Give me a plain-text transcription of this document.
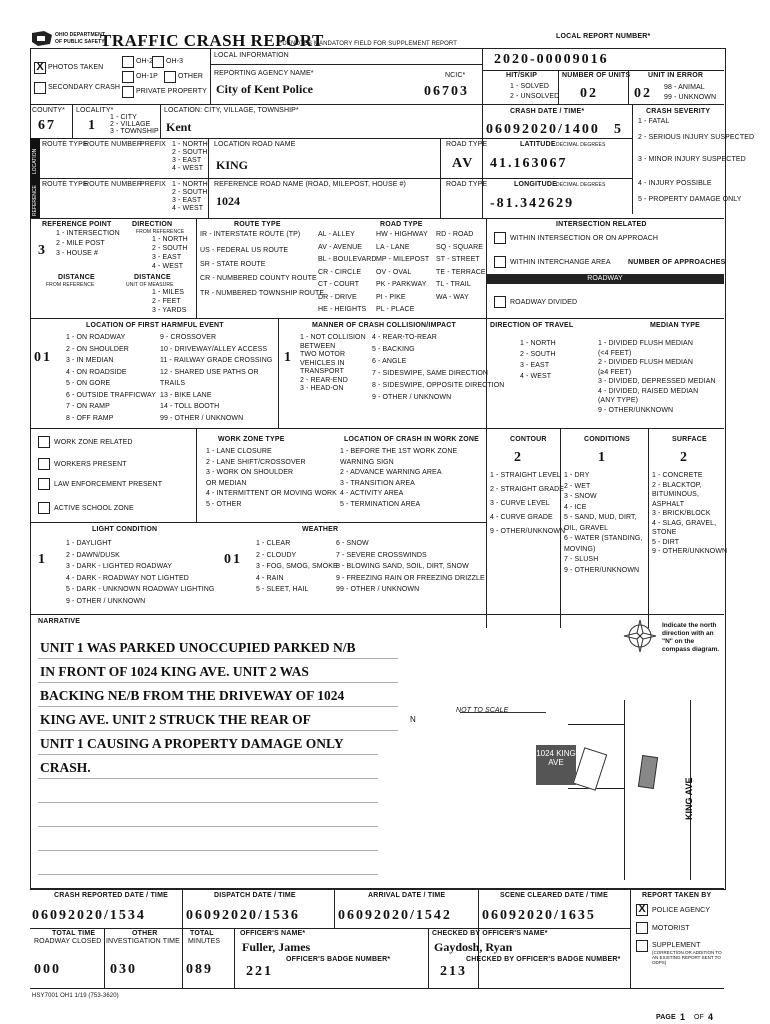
OHIO DEPARTMENT
OF PUBLIC SAFETY
TRAFFIC CRASH REPORT
*DENOTES MANDATORY FIELD FOR SUPPLEMENT REPORT
LOCAL REPORT NUMBER*
2020-00009016
X PHOTOS TAKEN
SECONDARY CRASH
OH-2 OH-3
OH-1P	OTHER
PRIVATE PROPERTY
LOCAL INFORMATION
REPORTING AGENCY NAME*
City of Kent Police
NCIC*
06703
HIT/SKIP
1 - SOLVED
2 - UNSOLVED
NUMBER OF UNITS
02
UNIT IN ERROR
02 98 - ANIMAL
99 - UNKNOWN
COUNTY*
67
LOCALITY*
1
1 - CITY
2 - VILLAGE
3 - TOWNSHIP
LOCATION: CITY, VILLAGE, TOWNSHIP*
Kent
CRASH DATE / TIME*
06092020/1400
CRASH SEVERITY
5
1 - FATAL
2 - SERIOUS INJURY SUSPECTED
3 - MINOR INJURY SUSPECTED
4 - INJURY POSSIBLE
5 - PROPERTY DAMAGE ONLY
LOCATION
ROUTE TYPE
ROUTE NUMBER
PREFIX 1 - NORTH
2 - SOUTH
3 - EAST
4 - WEST
LOCATION ROAD NAME
KING
ROAD TYPE
AV
LATITUDE DECIMAL DEGREES
41.163067
REFERENCE
ROUTE TYPE
ROUTE NUMBER
PREFIX 1 - NORTH
2 - SOUTH
3 - EAST
4 - WEST
REFERENCE ROAD NAME (ROAD, MILEPOST, HOUSE #)
1024
ROAD TYPE	LONGITUDE
DECIMAL DEGREES
-81.342629
REFERENCE POINT
1 - INTERSECTION
2 - MILE POST
3 - HOUSE #
3
DIRECTION
FROM REFERENCE
1 - NORTH
2 - SOUTH
3 - EAST
4 - WEST
DISTANCE
FROM REFERENCE
DISTANCE
UNIT OF MEASURE
1 - MILES
2 - FEET
3 - YARDS
ROUTE TYPE
IR - INTERSTATE ROUTE (TP)
US - FEDERAL US ROUTE
SR - STATE ROUTE
CR - NUMBERED COUNTY ROUTE
TR - NUMBERED TOWNSHIP ROUTE
ROAD TYPE
AL - ALLEY
AV - AVENUE
BL - BOULEVARD
CR - CIRCLE
CT - COURT
DR - DRIVE
HE - HEIGHTS
HW - HIGHWAY
LA - LANE
MP - MILEPOST
OV - OVAL
PK - PARKWAY
PI - PIKE
PL - PLACE
RD - ROAD
SQ - SQUARE
ST - STREET
TE - TERRACE
TL - TRAIL
WA - WAY
INTERSECTION RELATED
WITHIN INTERSECTION OR ON APPROACH
WITHIN INTERCHANGE AREA NUMBER OF APPROACHES
ROADWAY
ROADWAY DIVIDED
LOCATION OF FIRST HARMFUL EVENT
01
1 - ON ROADWAY
2 - ON SHOULDER
3 - IN MEDIAN
4 - ON ROADSIDE
5 - ON GORE
6 - OUTSIDE TRAFFICWAY
7 - ON RAMP
8 - OFF RAMP
9 - CROSSOVER
10 - DRIVEWAY/ALLEY ACCESS
11 - RAILWAY GRADE CROSSING
12 - SHARED USE PATHS OR
TRAILS
13 - BIKE LANE
14 - TOLL BOOTH
99 - OTHER / UNKNOWN
MANNER OF CRASH COLLISION/IMPACT
1
1 - NOT COLLISION
BETWEEN
TWO MOTOR
VEHICLES IN
TRANSPORT
2 - REAR-END
3 - HEAD-ON
4 - REAR-TO-REAR
5 - BACKING
6 - ANGLE
7 - SIDESWIPE, SAME DIRECTION
8 - SIDESWIPE, OPPOSITE DIRECTION
9 - OTHER / UNKNOWN
DIRECTION OF TRAVEL
1 - NORTH
2 - SOUTH
3 - EAST
4 - WEST
MEDIAN TYPE
1 - DIVIDED FLUSH MEDIAN
(<4 FEET)
2 - DIVIDED FLUSH MEDIAN
(≥4 FEET)
3 - DIVIDED, DEPRESSED MEDIAN
4 - DIVIDED, RAISED MEDIAN
(ANY TYPE)
9 - OTHER/UNKNOWN
WORK ZONE RELATED
WORKERS PRESENT
LAW ENFORCEMENT PRESENT
ACTIVE SCHOOL ZONE
WORK ZONE TYPE
1 - LANE CLOSURE
2 - LANE SHIFT/CROSSOVER
3 - WORK ON SHOULDER
OR MEDIAN
4 - INTERMITTENT OR MOVING WORK
5 - OTHER
LOCATION OF CRASH IN WORK ZONE
1 - BEFORE THE 1ST WORK ZONE
WARNING SIGN
2 - ADVANCE WARNING AREA
3 - TRANSITION AREA
4 - ACTIVITY AREA
5 - TERMINATION AREA
CONTOUR
2
1 - STRAIGHT LEVEL
2 - STRAIGHT GRADE
3 - CURVE LEVEL
4 - CURVE GRADE
9 - OTHER/UNKNOWN
CONDITIONS
1
1 - DRY
2 - WET
3 - SNOW
4 - ICE
5 - SAND, MUD, DIRT,
OIL, GRAVEL
6 - WATER (STANDING,
MOVING)
7 - SLUSH
9 - OTHER/UNKNOWN
SURFACE
2
1 - CONCRETE
2 - BLACKTOP,
BITUMINOUS,
ASPHALT
3 - BRICK/BLOCK
4 - SLAG, GRAVEL,
STONE
5 - DIRT
9 - OTHER/UNKNOWN
LIGHT CONDITION
1
1 - DAYLIGHT
2 - DAWN/DUSK
3 - DARK - LIGHTED ROADWAY
4 - DARK - ROADWAY NOT LIGHTED
5 - DARK - UNKNOWN ROADWAY LIGHTING
9 - OTHER / UNKNOWN
WEATHER
01
1 - CLEAR
2 - CLOUDY
3 - FOG, SMOG, SMOKE
4 - RAIN
5 - SLEET, HAIL
6 - SNOW
7 - SEVERE CROSSWINDS
8 - BLOWING SAND, SOIL, DIRT, SNOW
9 - FREEZING RAIN OR FREEZING DRIZZLE
99 - OTHER / UNKNOWN
NARRATIVE
UNIT 1 WAS PARKED UNOCCUPIED PARKED N/B
IN FRONT OF 1024 KING AVE. UNIT 2 WAS
BACKING NE/B FROM THE DRIVEWAY OF 1024
KING AVE. UNIT 2 STRUCK THE REAR OF
UNIT 1 CAUSING A PROPERTY DAMAGE ONLY
CRASH.
Indicate the north direction with an "N" on the compass diagram.
N
NOT TO SCALE
1024 KING AVE
KING AVE
CRASH REPORTED DATE / TIME
06092020/1534
DISPATCH DATE / TIME
06092020/1536
ARRIVAL DATE / TIME
06092020/1542
SCENE CLEARED DATE / TIME
06092020/1635
REPORT TAKEN BY
X POLICE AGENCY
MOTORIST
SUPPLEMENT
(CORRECTION OR ADDITION TO AN EXISTING REPORT SENT TO ODPS)
TOTAL TIME
ROADWAY CLOSED
000
OTHER
INVESTIGATION TIME
030
TOTAL
MINUTES
089
OFFICER'S NAME*
Fuller, James
OFFICER'S BADGE NUMBER*
221
CHECKED BY OFFICER'S NAME*
Gaydosh, Ryan
CHECKED BY OFFICER'S BADGE NUMBER*
213
HSY7001 OH1 1/19 (753-3620)
PAGE 1 OF 4
